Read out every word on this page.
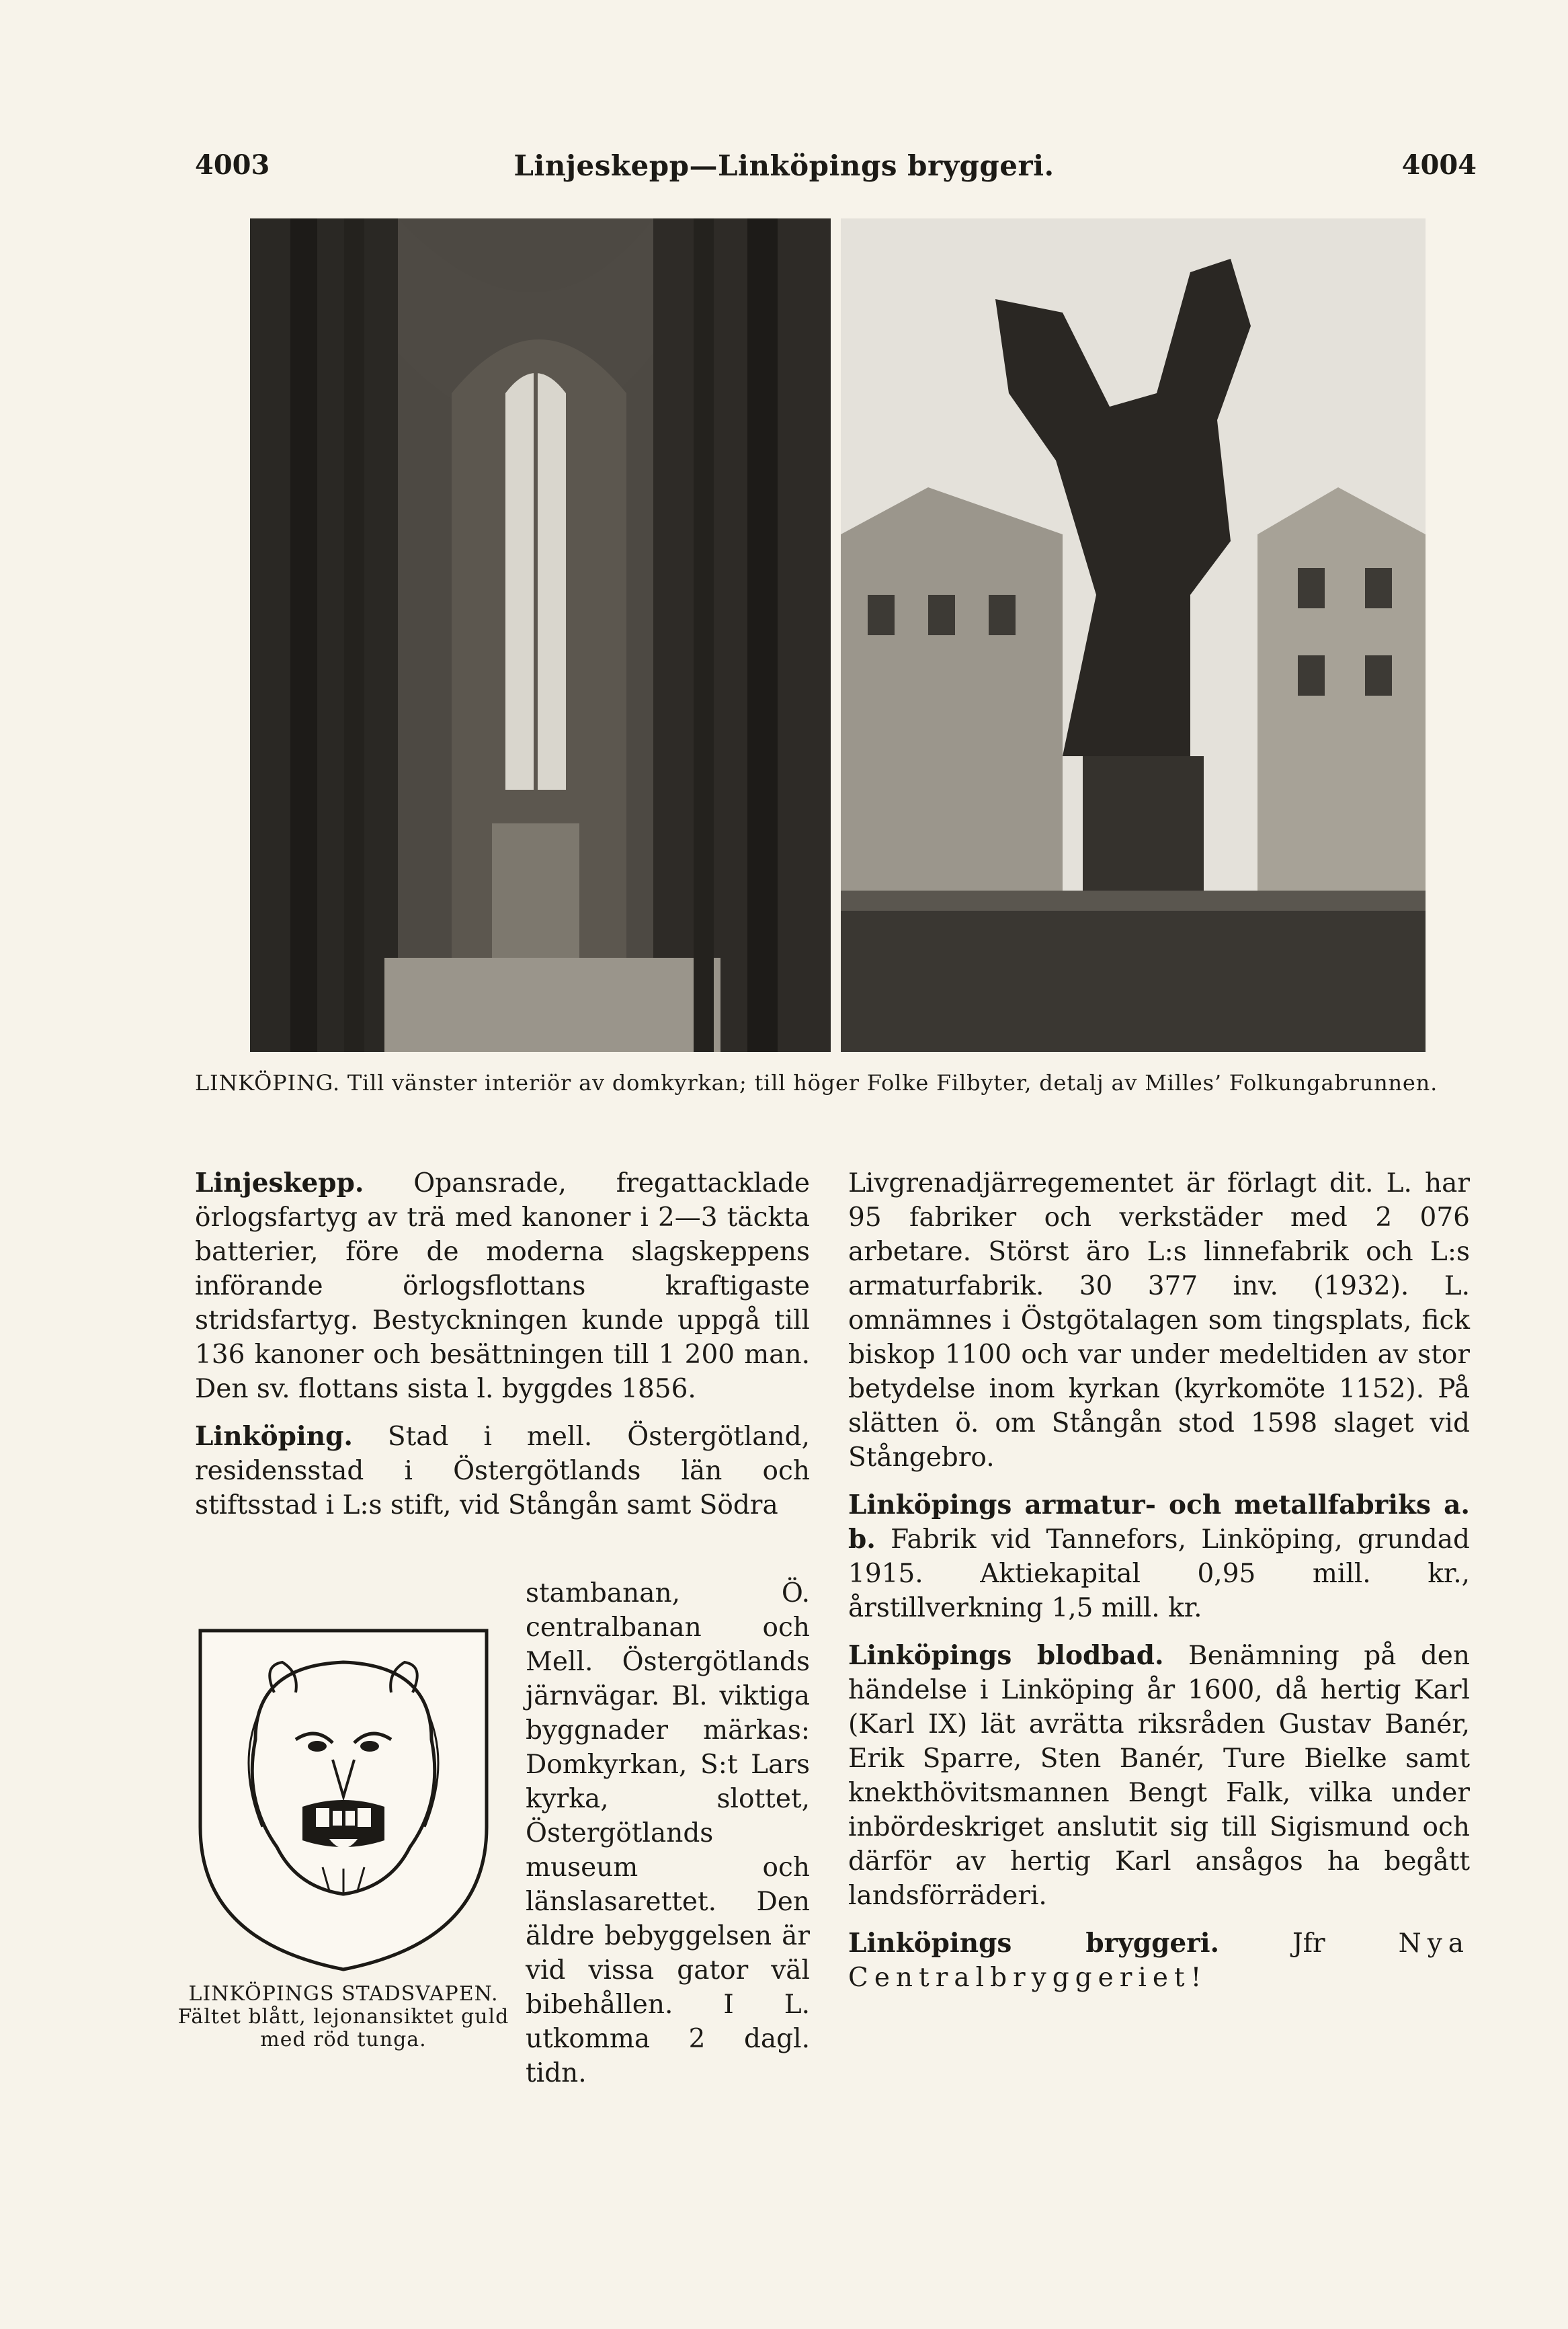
4003	Linjeskepp—Linköpings bryggeri.	4004
LINKÖPING. Till vänster interiör av domkyrkan; till höger Folke Filbyter, detalj av Milles’ Folkungabrunnen.

Linjeskepp. Opansrade, fregattacklade örlogsfartyg av trä med kanoner i 2—3 täckta batterier, före de moderna slagskeppens införande örlogsflottans kraftigaste stridsfartyg. Bestyckningen kunde uppgå till 136 kanoner och besättningen till 1 200 man. Den sv. flottans sista l. byggdes 1856.

Linköping. Stad i mell. Östergötland, residensstad i Östergötlands län och stiftsstad i L:s stift, vid Stångån samt Södra

stambanan, Ö. centralbanan och Mell. Östergötlands järnvägar. Bl. viktiga byggnader märkas: Domkyrkan, S:t Lars kyrka, slottet, Östergötlands museum och länslasarettet. Den äldre bebyggelsen är vid vissa gator väl bibehållen. I L. utkomma 2 dagl. tidn.

LINKÖPINGS STADSVAPEN. Fältet blått, lejonansiktet guld med röd tunga.

Livgrenadjärregementet är förlagt dit. L. har 95 fabriker och verkstäder med 2 076 arbetare. Störst äro L:s linnefabrik och L:s armaturfabrik. 30 377 inv. (1932). L. omnämnes i Östgötalagen som tingsplats, fick biskop 1100 och var under medeltiden av stor betydelse inom kyrkan (kyrkomöte 1152). På slätten ö. om Stångån stod 1598 slaget vid Stångebro.

Linköpings armatur- och metallfabriks a. b. Fabrik vid Tannefors, Linköping, grundad 1915. Aktiekapital 0,95 mill. kr., årstillverkning 1,5 mill. kr.

Linköpings blodbad. Benämning på den händelse i Linköping år 1600, då hertig Karl (Karl IX) lät avrätta riksråden Gustav Banér, Erik Sparre, Sten Banér, Ture Bielke samt knekthövitsmannen Bengt Falk, vilka under inbördeskriget anslutit sig till Sigismund och därför av hertig Karl ansågos ha begått landsförräderi.

Linköpings bryggeri.	Jfr	Nya Centralbryggeriet!
